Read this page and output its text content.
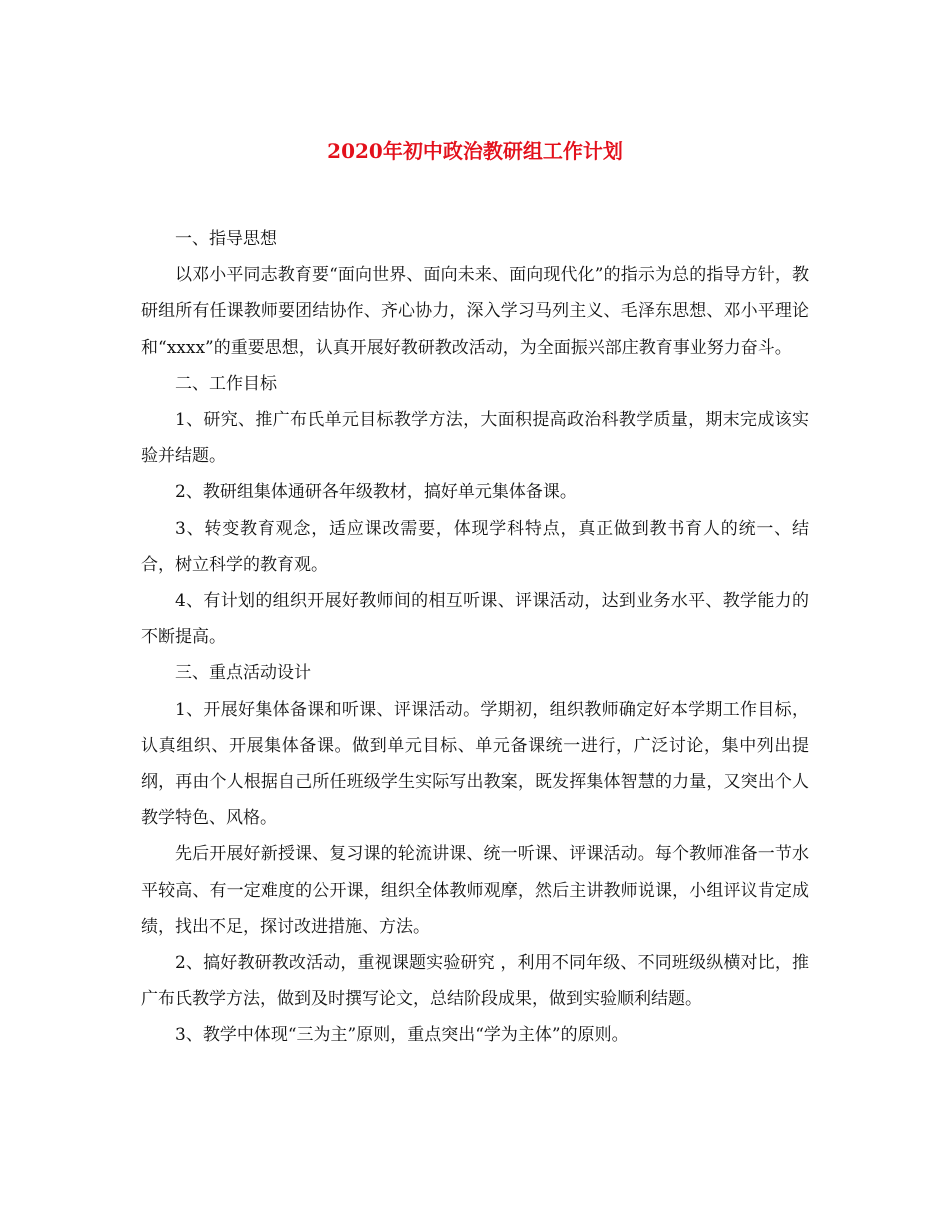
2020年初中政治教研组工作计划

一、指导思想

以邓小平同志教育要“面向世界、面向未来、面向现代化”的指示为总的指导方针，教研组所有任课教师要团结协作、齐心协力，深入学习马列主义、毛泽东思想、邓小平理论和“xxxx”的重要思想，认真开展好教研教改活动，为全面振兴部庄教育事业努力奋斗。

二、工作目标

1、研究、推广布氏单元目标教学方法，大面积提高政治科教学质量，期末完成该实验并结题。

2、教研组集体通研各年级教材，搞好单元集体备课。

3、转变教育观念，适应课改需要，体现学科特点，真正做到教书育人的统一、结合，树立科学的教育观。

4、有计划的组织开展好教师间的相互听课、评课活动，达到业务水平、教学能力的不断提高。

三、重点活动设计

1、开展好集体备课和听课、评课活动。学期初，组织教师确定好本学期工作目标，认真组织、开展集体备课。做到单元目标、单元备课统一进行，广泛讨论，集中列出提纲，再由个人根据自己所任班级学生实际写出教案，既发挥集体智慧的力量，又突出个人教学特色、风格。

先后开展好新授课、复习课的轮流讲课、统一听课、评课活动。每个教师准备一节水平较高、有一定难度的公开课，组织全体教师观摩，然后主讲教师说课，小组评议肯定成绩，找出不足，探讨改进措施、方法。

2、搞好教研教改活动，重视课题实验研究 ，利用不同年级、不同班级纵横对比，推广布氏教学方法，做到及时撰写论文，总结阶段成果，做到实验顺利结题。

3、教学中体现“三为主”原则，重点突出“学为主体”的原则。
